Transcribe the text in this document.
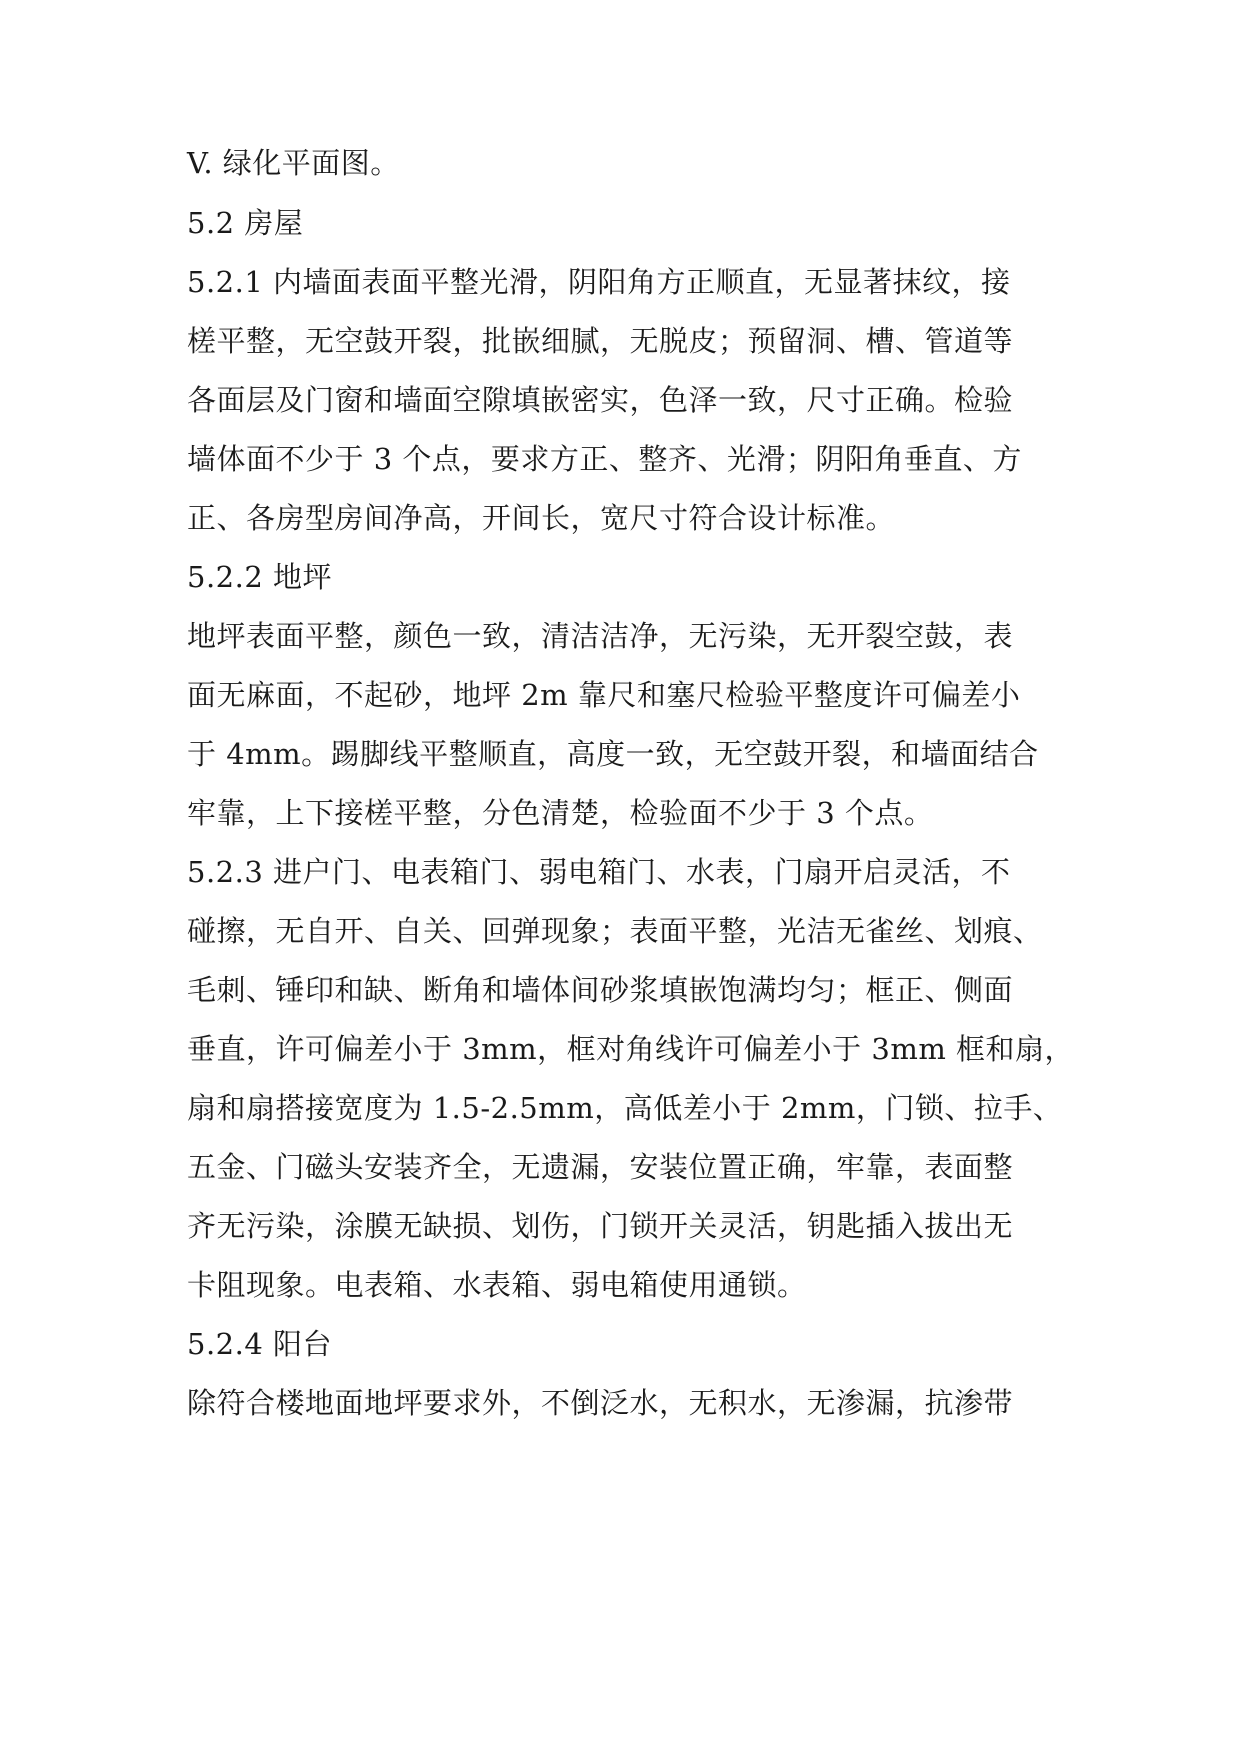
V. 绿化平面图。
5.2 房屋
5.2.1 内墙面表面平整光滑，阴阳角方正顺直，无显著抹纹，接
槎平整，无空鼓开裂，批嵌细腻，无脱皮；预留洞、槽、管道等
各面层及门窗和墙面空隙填嵌密实，色泽一致，尺寸正确。检验
墙体面不少于 3 个点，要求方正、整齐、光滑；阴阳角垂直、方
正、各房型房间净高，开间长，宽尺寸符合设计标准。
5.2.2 地坪
地坪表面平整，颜色一致，清洁洁净，无污染，无开裂空鼓，表
面无麻面，不起砂，地坪 2m 靠尺和塞尺检验平整度许可偏差小
于 4mm。踢脚线平整顺直，高度一致，无空鼓开裂，和墙面结合
牢靠，上下接槎平整，分色清楚，检验面不少于 3 个点。
5.2.3 进户门、电表箱门、弱电箱门、水表，门扇开启灵活，不
碰擦，无自开、自关、回弹现象；表面平整，光洁无雀丝、划痕、
毛刺、锤印和缺、断角和墙体间砂浆填嵌饱满均匀；框正、侧面
垂直，许可偏差小于 3mm，框对角线许可偏差小于 3mm 框和扇，
扇和扇搭接宽度为 1.5-2.5mm，高低差小于 2mm，门锁、拉手、
五金、门磁头安装齐全，无遗漏，安装位置正确，牢靠，表面整
齐无污染，涂膜无缺损、划伤，门锁开关灵活，钥匙插入拔出无
卡阻现象。电表箱、水表箱、弱电箱使用通锁。
5.2.4 阳台
除符合楼地面地坪要求外，不倒泛水，无积水，无渗漏，抗渗带
